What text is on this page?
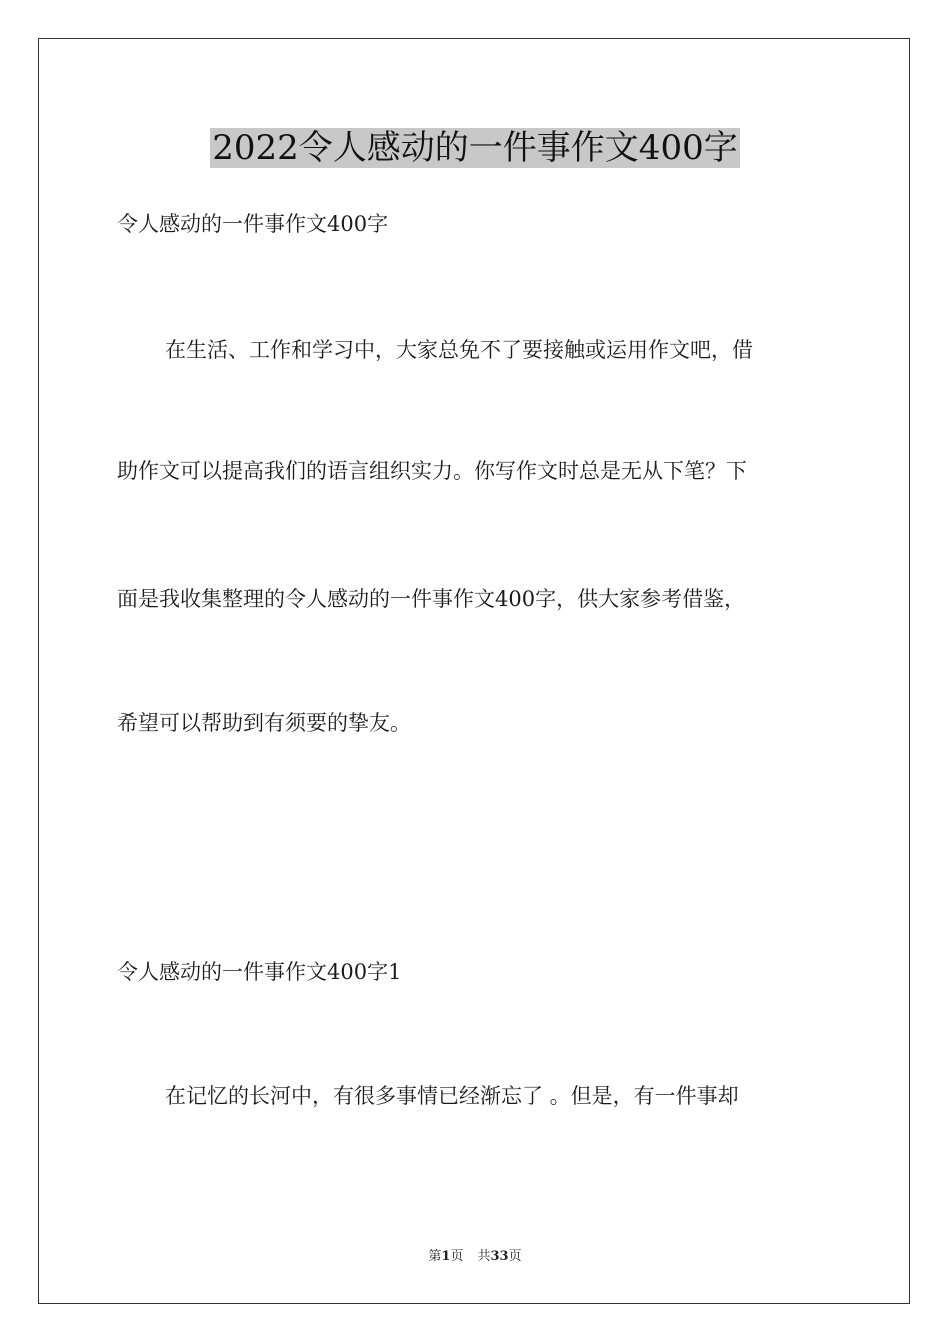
2022令人感动的一件事作文400字
令人感动的一件事作文400字
在生活、工作和学习中，大家总免不了要接触或运用作文吧，借
助作文可以提高我们的语言组织实力。你写作文时总是无从下笔？下
面是我收集整理的令人感动的一件事作文400字，供大家参考借鉴，
希望可以帮助到有须要的挚友。
令人感动的一件事作文400字1
在记忆的长河中，有很多事情已经渐忘了 。但是，有一件事却
第1页 共33页
